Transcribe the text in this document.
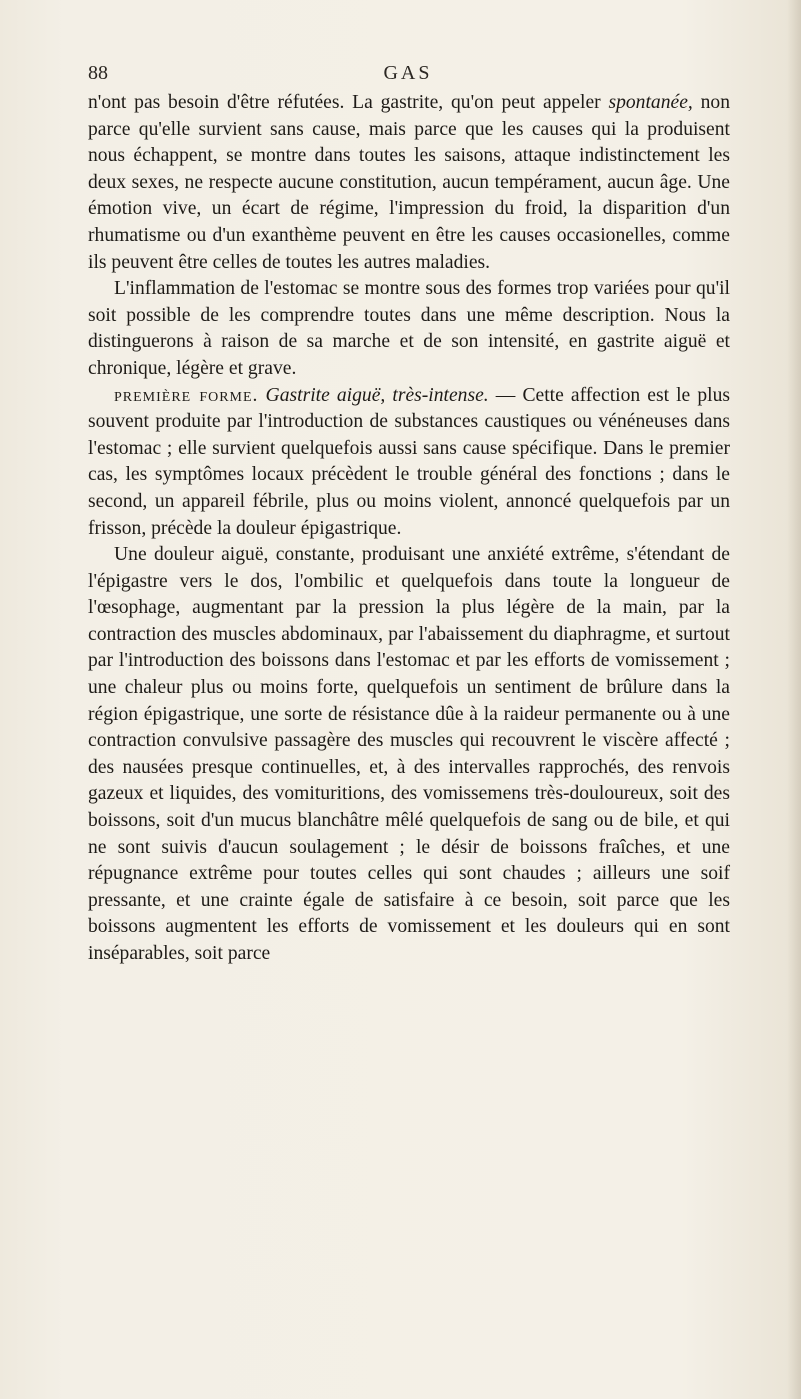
88	GAS

n'ont pas besoin d'être réfutées. La gastrite, qu'on peut appeler spontanée, non parce qu'elle survient sans cause, mais parce que les causes qui la produisent nous échappent, se montre dans toutes les saisons, attaque indistinctement les deux sexes, ne respecte aucune constitution, aucun tempérament, aucun âge. Une émotion vive, un écart de régime, l'impression du froid, la disparition d'un rhumatisme ou d'un exanthème peuvent en être les causes occasionelles, comme ils peuvent être celles de toutes les autres maladies.

L'inflammation de l'estomac se montre sous des formes trop variées pour qu'il soit possible de les comprendre toutes dans une même description. Nous la distinguerons à raison de sa marche et de son intensité, en gastrite aiguë et chronique, légère et grave.

première forme. Gastrite aiguë, très-intense. — Cette affection est le plus souvent produite par l'introduction de substances caustiques ou vénéneuses dans l'estomac ; elle survient quelquefois aussi sans cause spécifique. Dans le premier cas, les symptômes locaux précèdent le trouble général des fonctions ; dans le second, un appareil fébrile, plus ou moins violent, annoncé quelquefois par un frisson, précède la douleur épigastrique.

Une douleur aiguë, constante, produisant une anxiété extrême, s'étendant de l'épigastre vers le dos, l'ombilic et quelquefois dans toute la longueur de l'œsophage, augmentant par la pression la plus légère de la main, par la contraction des muscles abdominaux, par l'abaissement du diaphragme, et surtout par l'introduction des boissons dans l'estomac et par les efforts de vomissement ; une chaleur plus ou moins forte, quelquefois un sentiment de brûlure dans la région épigastrique, une sorte de résistance dûe à la raideur permanente ou à une contraction convulsive passagère des muscles qui recouvrent le viscère affecté ; des nausées presque continuelles, et, à des intervalles rapprochés, des renvois gazeux et liquides, des vomituritions, des vomissemens très-douloureux, soit des boissons, soit d'un mucus blanchâtre mêlé quelquefois de sang ou de bile, et qui ne sont suivis d'aucun soulagement ; le désir de boissons fraîches, et une répugnance extrême pour toutes celles qui sont chaudes ; ailleurs une soif pressante, et une crainte égale de satisfaire à ce besoin, soit parce que les boissons augmentent les efforts de vomissement et les douleurs qui en sont inséparables, soit parce
